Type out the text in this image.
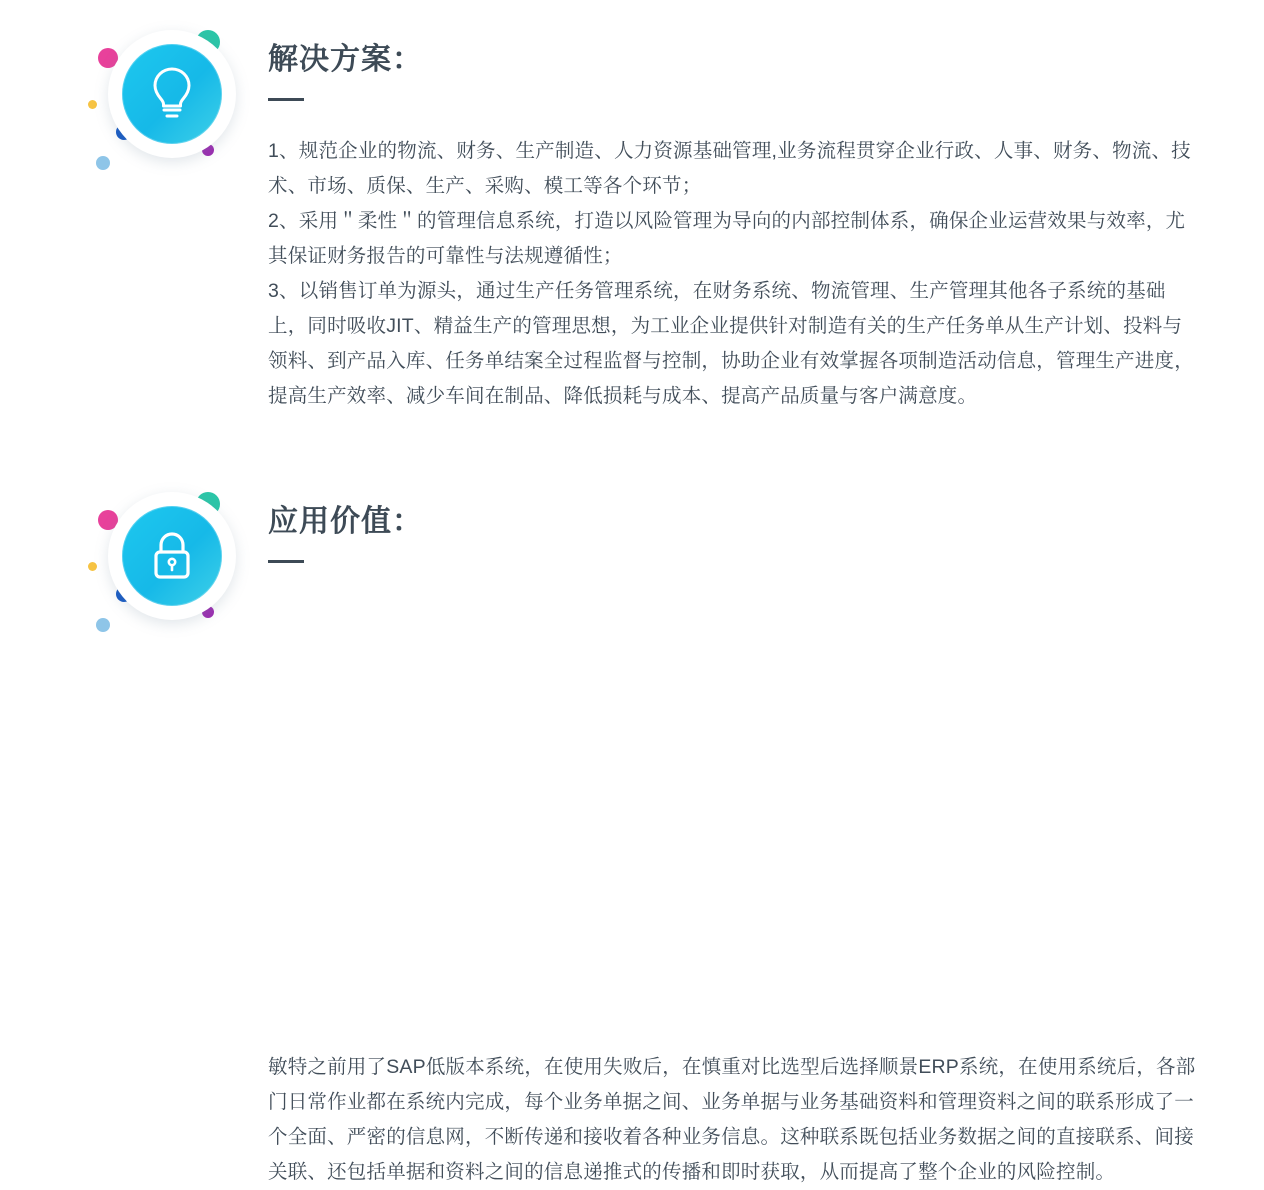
解决方案：

1、规范企业的物流、财务、生产制造、人力资源基础管理,业务流程贯穿企业行政、人事、财务、物流、技术、市场、质保、生产、采购、模工等各个环节；

2、采用＂柔性＂的管理信息系统，打造以风险管理为导向的内部控制体系，确保企业运营效果与效率，尤其保证财务报告的可靠性与法规遵循性；

3、以销售订单为源头，通过生产任务管理系统，在财务系统、物流管理、生产管理其他各子系统的基础上，同时吸收JIT、精益生产的管理思想，为工业企业提供针对制造有关的生产任务单从生产计划、投料与领料、到产品入库、任务单结案全过程监督与控制，协助企业有效掌握各项制造活动信息，管理生产进度，提高生产效率、减少车间在制品、降低损耗与成本、提高产品质量与客户满意度。

应用价值：

敏特之前用了SAP低版本系统，在使用失败后，在慎重对比选型后选择顺景ERP系统，在使用系统后，各部门日常作业都在系统内完成，每个业务单据之间、业务单据与业务基础资料和管理资料之间的联系形成了一个全面、严密的信息网，不断传递和接收着各种业务信息。这种联系既包括业务数据之间的直接联系、间接关联、还包括单据和资料之间的信息递推式的传播和即时获取，从而提高了整个企业的风险控制。
